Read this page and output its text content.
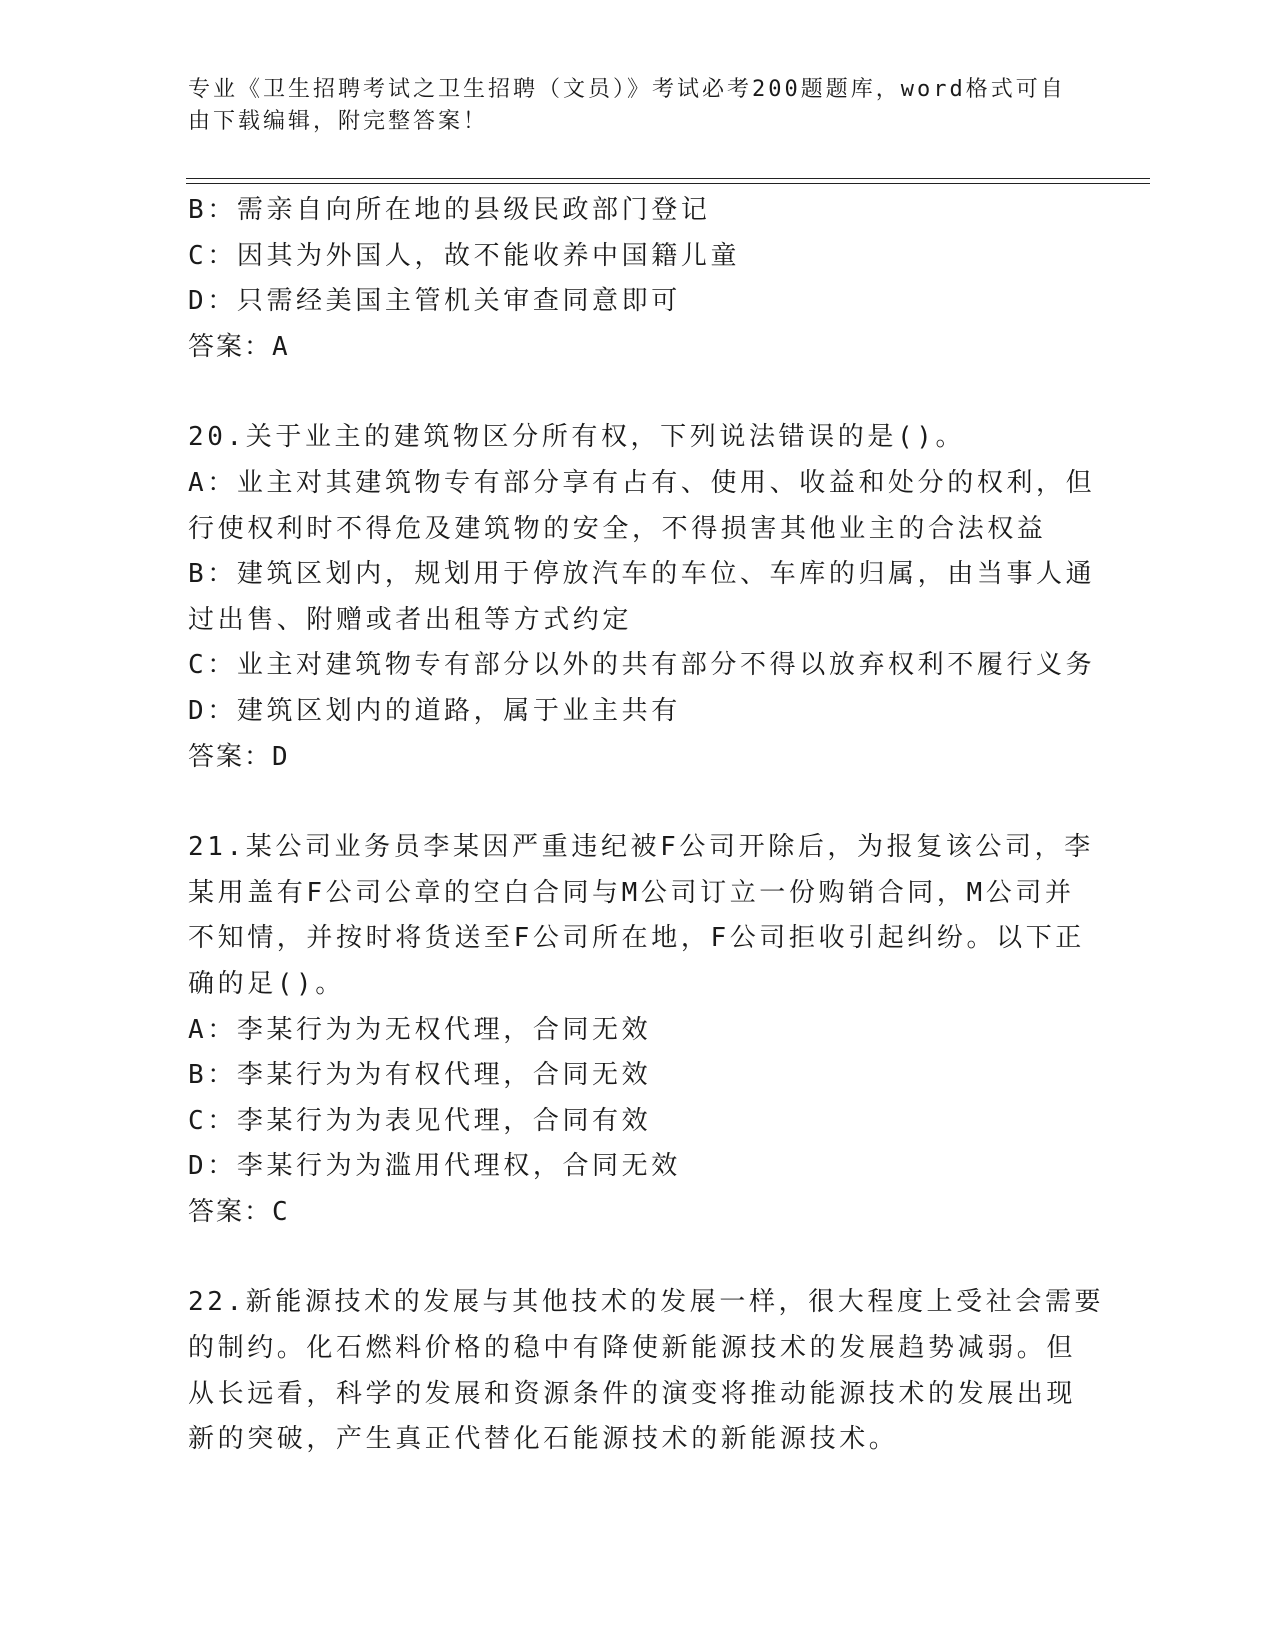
专业《卫生招聘考试之卫生招聘（文员）》考试必考200题题库，word格式可自
由下载编辑，附完整答案！
B：需亲自向所在地的县级民政部门登记
C：因其为外国人，故不能收养中国籍儿童
D：只需经美国主管机关审查同意即可
答案：A
20.关于业主的建筑物区分所有权，下列说法错误的是()。
A：业主对其建筑物专有部分享有占有、使用、收益和处分的权利，但
行使权利时不得危及建筑物的安全，不得损害其他业主的合法权益
B：建筑区划内，规划用于停放汽车的车位、车库的归属，由当事人通
过出售、附赠或者出租等方式约定
C：业主对建筑物专有部分以外的共有部分不得以放弃权利不履行义务
D：建筑区划内的道路，属于业主共有
答案：D
21.某公司业务员李某因严重违纪被F公司开除后，为报复该公司，李
某用盖有F公司公章的空白合同与M公司订立一份购销合同，M公司并
不知情，并按时将货送至F公司所在地，F公司拒收引起纠纷。以下正
确的足()。
A：李某行为为无权代理，合同无效
B：李某行为为有权代理，合同无效
C：李某行为为表见代理，合同有效
D：李某行为为滥用代理权，合同无效
答案：C
22.新能源技术的发展与其他技术的发展一样，很大程度上受社会需要
的制约。化石燃料价格的稳中有降使新能源技术的发展趋势减弱。但
从长远看，科学的发展和资源条件的演变将推动能源技术的发展出现
新的突破，产生真正代替化石能源技术的新能源技术。
